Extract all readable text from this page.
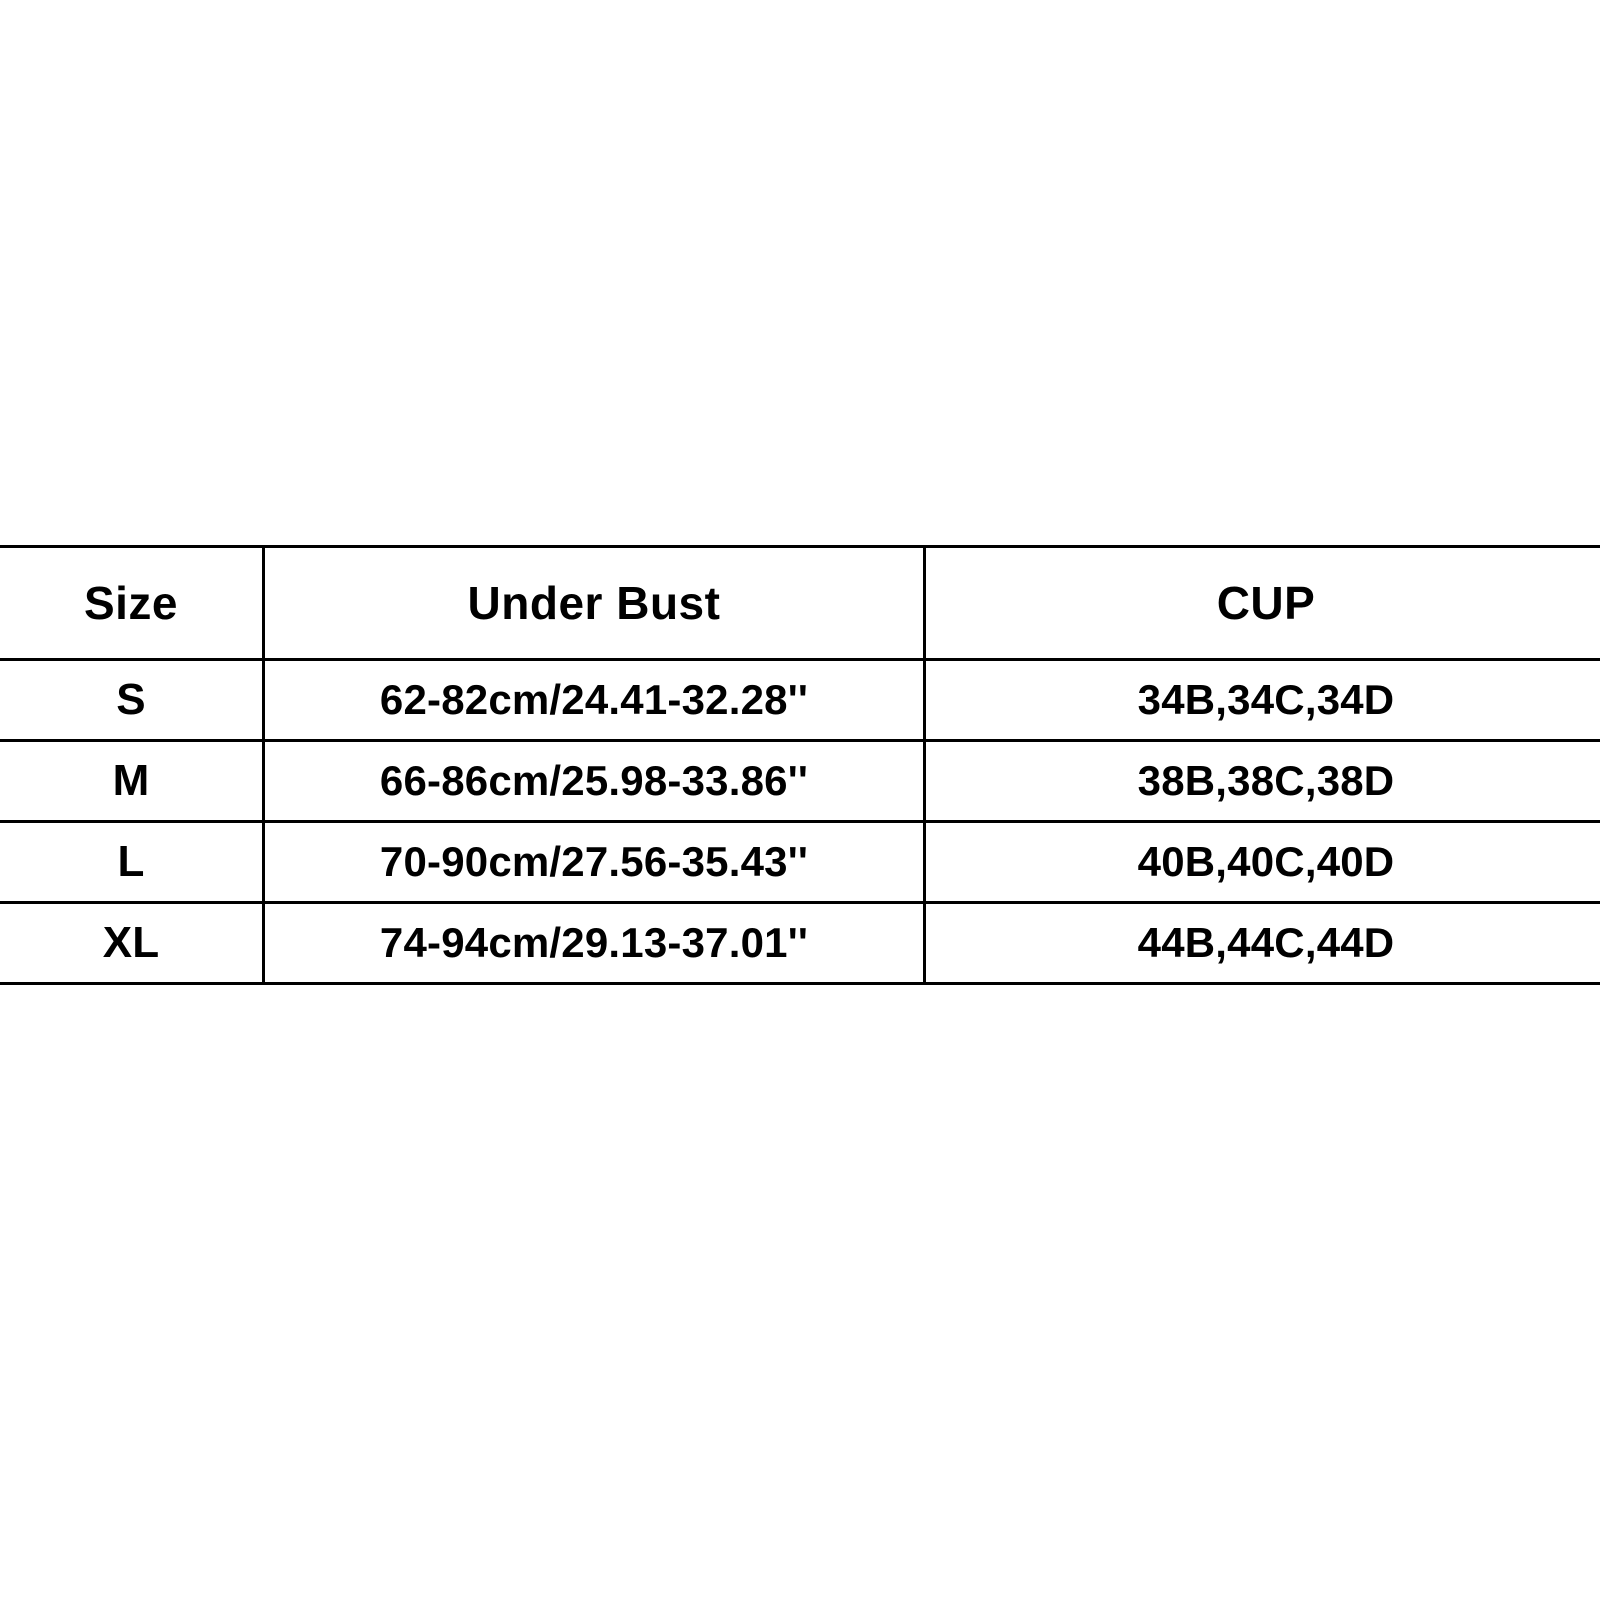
Size	Under Bust	CUP
S	62-82cm/24.41-32.28''	34B,34C,34D
M	66-86cm/25.98-33.86''	38B,38C,38D
L	70-90cm/27.56-35.43''	40B,40C,40D
XL	74-94cm/29.13-37.01''	44B,44C,44D
